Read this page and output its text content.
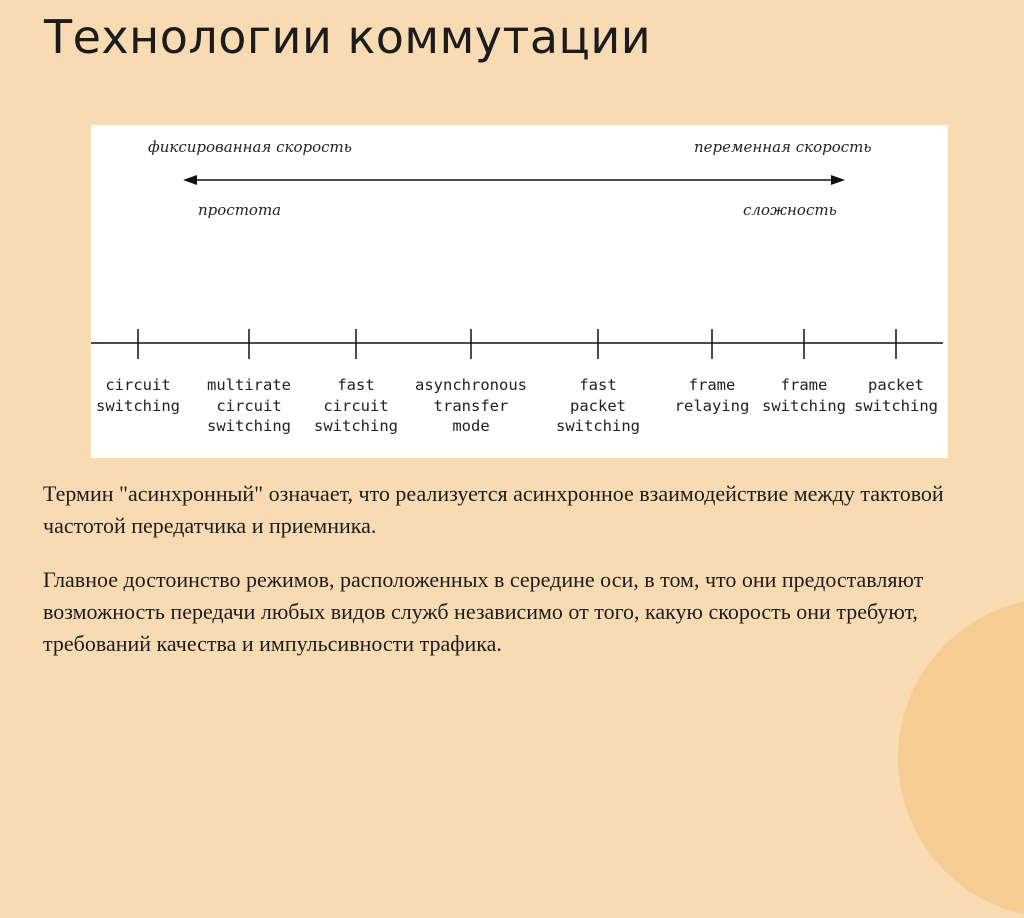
Технологии коммутации

фиксированная скорость	переменная скорость

простота	сложность

circuit
switching
multirate
circuit
switching
fast
circuit
switching
asynchronous
transfer
mode
fast
packet
switching
frame
relaying
frame
switching
packet
switching

Термин "асинхронный" означает, что реализуется асинхронное взаимодействие между тактовой частотой передатчика и приемника.

Главное достоинство режимов, расположенных в середине оси, в том, что они предоставляют возможность передачи любых видов служб независимо от того, какую скорость они требуют, требований качества и импульсивности трафика.
